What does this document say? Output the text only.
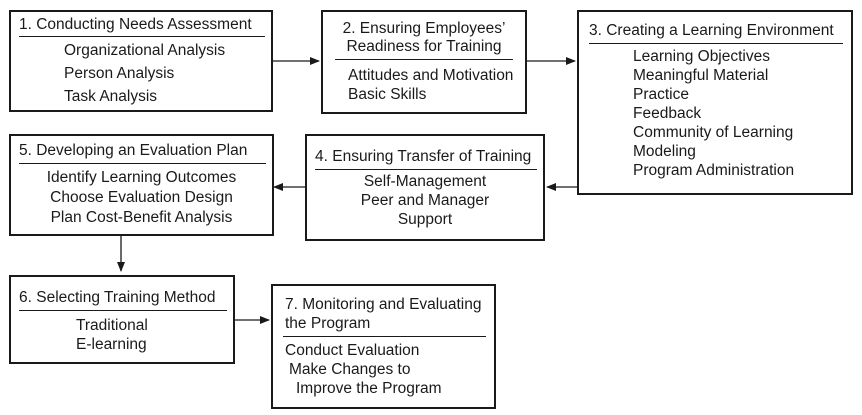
1. Conducting Needs Assessment
Organizational Analysis
Person Analysis
Task Analysis
2. Ensuring Employees’
Readiness for Training
Attitudes and Motivation
Basic Skills
3. Creating a Learning Environment
Learning Objectives
Meaningful Material
Practice
Feedback
Community of Learning
Modeling
Program Administration
4. Ensuring Transfer of Training
Self-Management
Peer and Manager
Support
5. Developing an Evaluation Plan
Identify Learning Outcomes
Choose Evaluation Design
Plan Cost-Benefit Analysis
6. Selecting Training Method
Traditional
E-learning
7. Monitoring and Evaluating
the Program
Conduct Evaluation
Make Changes to
Improve the Program
